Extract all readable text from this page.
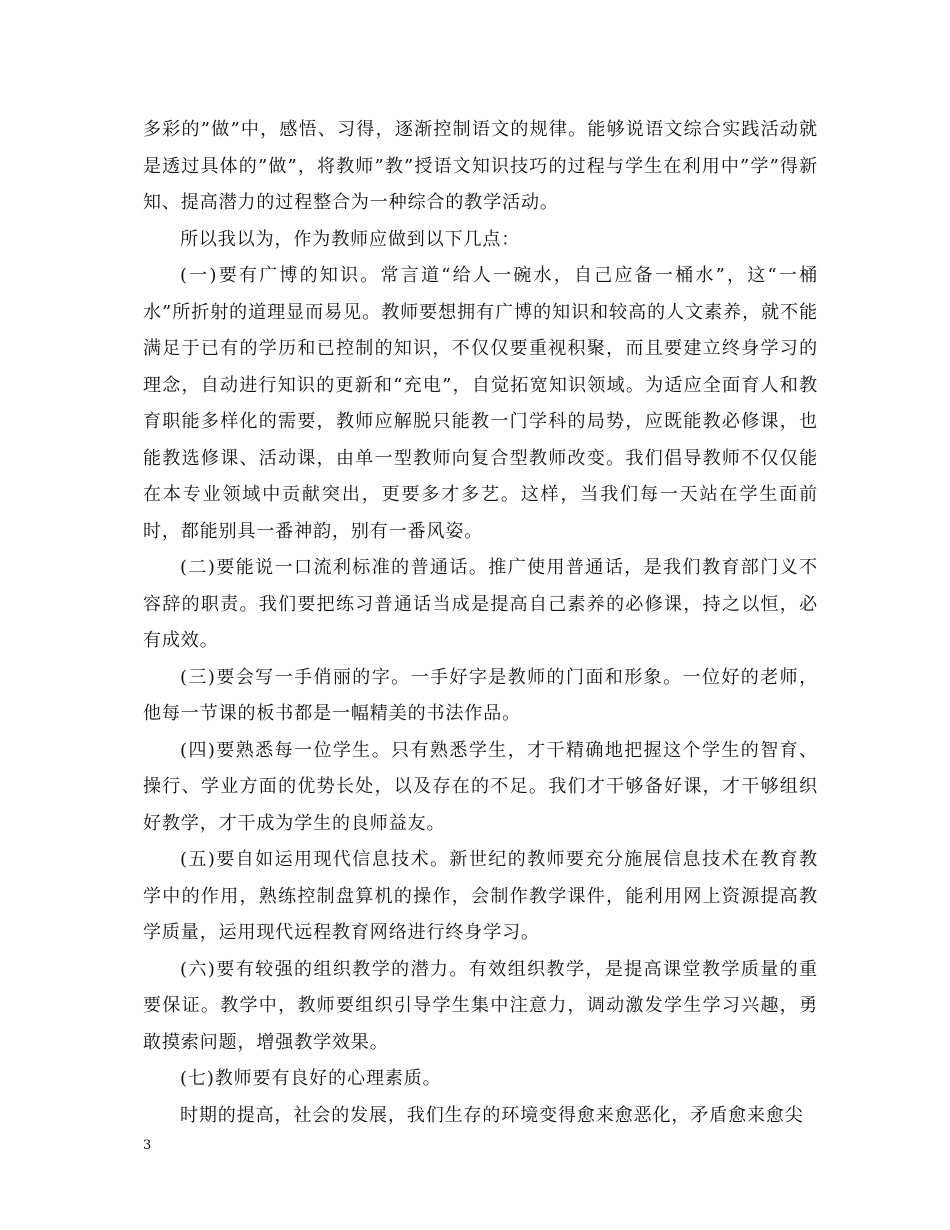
多彩的”做”中，感悟、习得，逐渐控制语文的规律。能够说语文综合实践活动就是透过具体的”做”，将教师”教”授语文知识技巧的过程与学生在利用中”学”得新知、提高潜力的过程整合为一种综合的教学活动。

所以我以为，作为教师应做到以下几点：

(一)要有广博的知识。常言道“给人一碗水，自己应备一桶水”，这“一桶水”所折射的道理显而易见。教师要想拥有广博的知识和较高的人文素养，就不能满足于已有的学历和已控制的知识，不仅仅要重视积聚，而且要建立终身学习的理念，自动进行知识的更新和“充电”，自觉拓宽知识领域。为适应全面育人和教育职能多样化的需要，教师应解脱只能教一门学科的局势，应既能教必修课，也能教选修课、活动课，由单一型教师向复合型教师改变。我们倡导教师不仅仅能在本专业领域中贡献突出，更要多才多艺。这样，当我们每一天站在学生面前时，都能别具一番神韵，别有一番风姿。

(二)要能说一口流利标准的普通话。推广使用普通话，是我们教育部门义不容辞的职责。我们要把练习普通话当成是提高自己素养的必修课，持之以恒，必有成效。

(三)要会写一手俏丽的字。一手好字是教师的门面和形象。一位好的老师，他每一节课的板书都是一幅精美的书法作品。

(四)要熟悉每一位学生。只有熟悉学生，才干精确地把握这个学生的智育、操行、学业方面的优势长处，以及存在的不足。我们才干够备好课，才干够组织好教学，才干成为学生的良师益友。

(五)要自如运用现代信息技术。新世纪的教师要充分施展信息技术在教育教学中的作用，熟练控制盘算机的操作，会制作教学课件，能利用网上资源提高教学质量，运用现代远程教育网络进行终身学习。

(六)要有较强的组织教学的潜力。有效组织教学，是提高课堂教学质量的重要保证。教学中，教师要组织引导学生集中注意力，调动激发学生学习兴趣，勇敢摸索问题，增强教学效果。

(七)教师要有良好的心理素质。

时期的提高，社会的发展，我们生存的环境变得愈来愈恶化，矛盾愈来愈尖

3
